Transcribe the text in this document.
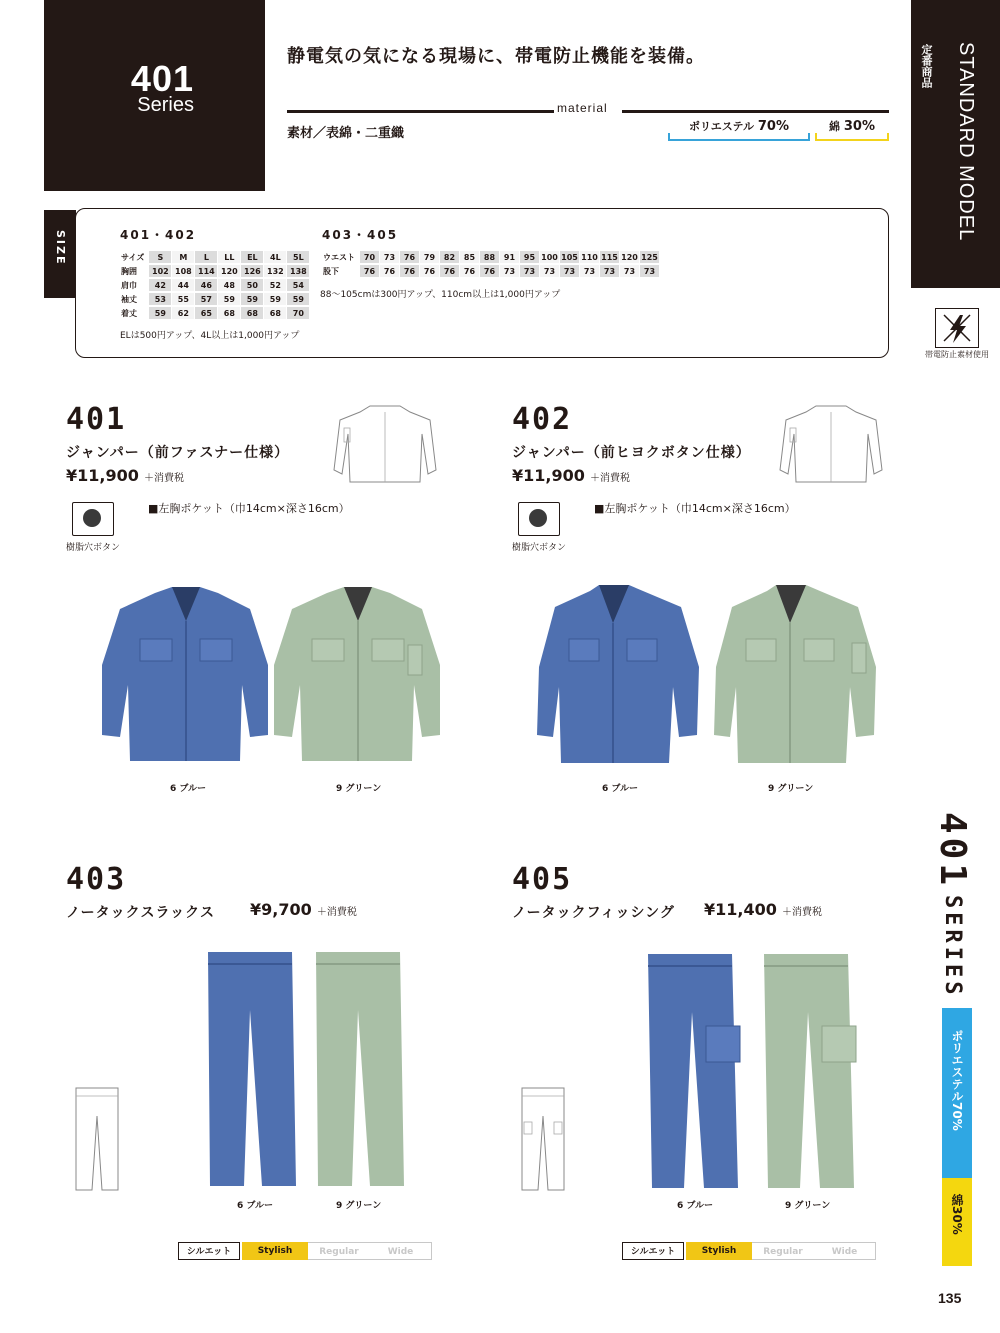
401
Series
静電気の気になる現場に、帯電防止機能を装備。
material
素材／表綿・二重織	ポリエステル 70%	綿 30%	STANDARD MODEL
定番商品
帯電防止素材使用
SIZE	401・402	403・405
サイズ	S	M	L	LL	EL	4L	5L
胸囲	102	108	114	120	126	132	138
肩巾	42	44	46	48	50	52	54
袖丈	53	55	57	59	59	59	59
着丈	59	62	65	68	68	68	70
ウエスト	70	73	76	79	82	85	88	91	95	100	105	110	115	120	125
股下	76	76	76	76	76	76	76	73	73	73	73	73	73	73	73
ELは500円アップ、4L以上は1,000円アップ
88～105cmは300円アップ、110cm以上は1,000円アップ
401
ジャンパー（前ファスナー仕様）
¥11,900 ＋消費税
■左胸ポケット（巾14cm×深さ16cm）
樹脂穴ボタン
6 ブルー	9 グリーン
402
ジャンパー（前ヒヨクボタン仕様）
¥11,900 ＋消費税
■左胸ポケット（巾14cm×深さ16cm）
樹脂穴ボタン
6 ブルー	9 グリーン
403
ノータックスラックス ¥9,700 ＋消費税
6 ブルー	9 グリーン
シルエット	Stylish	Regular	Wide
405
ノータックフィッシング ¥11,400 ＋消費税
6 ブルー	9 グリーン
シルエット	Stylish	Regular	Wide
401
SERIES
ポリエステル70%
綿30%
135
